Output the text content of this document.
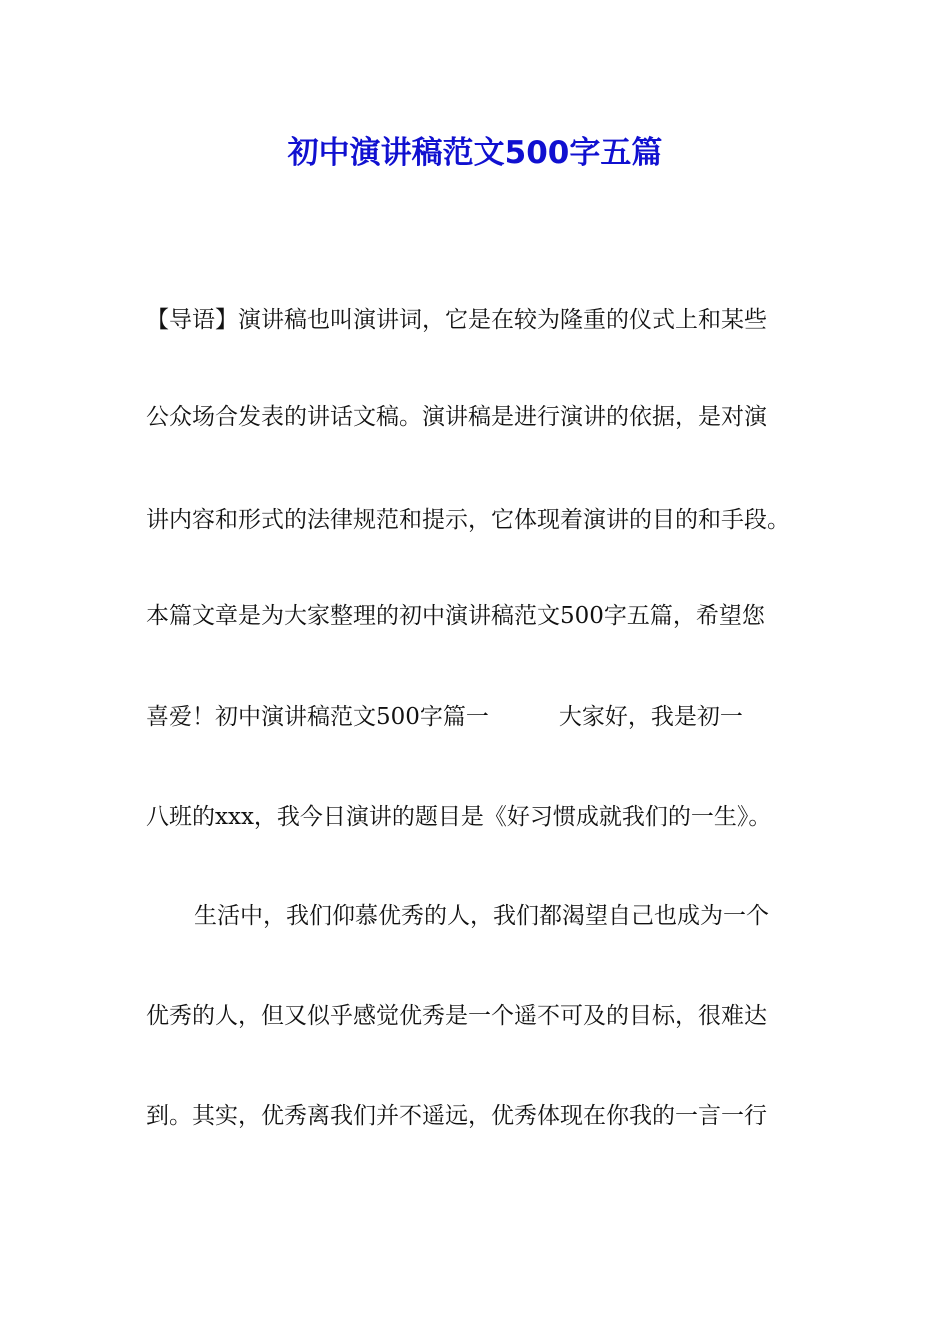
初中演讲稿范文500字五篇
【导语】演讲稿也叫演讲词，它是在较为隆重的仪式上和某些
公众场合发表的讲话文稿。演讲稿是进行演讲的依据，是对演
讲内容和形式的法律规范和提示，它体现着演讲的目的和手段。
本篇文章是为大家整理的初中演讲稿范文500字五篇，希望您
喜爱！初中演讲稿范文500字篇一	大家好，我是初一
八班的xxx，我今日演讲的题目是《好习惯成就我们的一生》。
生活中，我们仰慕优秀的人，我们都渴望自己也成为一个
优秀的人，但又似乎感觉优秀是一个遥不可及的目标，很难达
到。其实，优秀离我们并不遥远，优秀体现在你我的一言一行
